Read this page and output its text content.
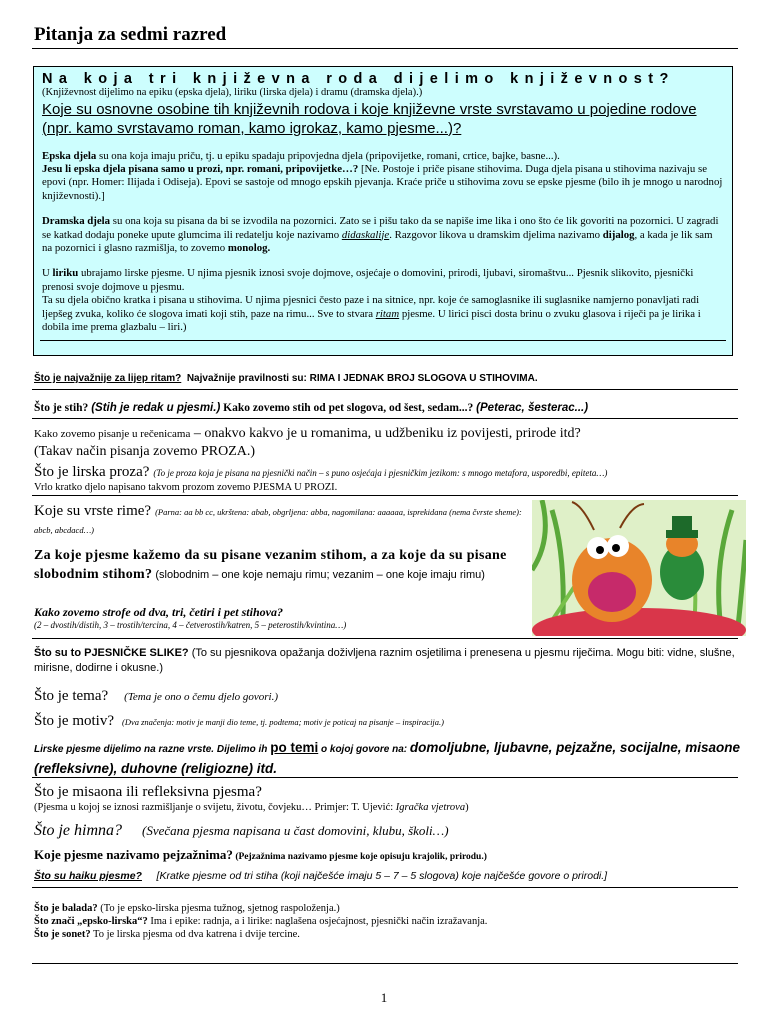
Pitanja za sedmi razred
Na koja tri književna roda dijelimo književnost?
(Književnost dijelimo na epiku (epska djela), liriku (lirska djela) i dramu (dramska djela).)
Koje su osnovne osobine tih književnih rodova i koje književne vrste svrstavamo u pojedine rodove (npr. kamo svrstavamo roman, kamo igrokaz, kamo pjesme...)?
Epska djela su ona koja imaju priču, tj. u epiku spadaju pripovjedna djela (pripovijetke, romani, crtice, bajke, basne...).
Jesu li epska djela pisana samo u prozi, npr. romani, pripovijetke…? [Ne. Postoje i priče pisane stihovima. Duga djela pisana u stihovima nazivaju se epovi (npr. Homer: Ilijada i Odiseja). Epovi se sastoje od mnogo epskih pjevanja. Kraće priče u stihovima zovu se epske pjesme (bilo ih je mnogo u narodnoj književnosti).]
Dramska djela su ona koja su pisana da bi se izvodila na pozornici. Zato se i pišu tako da se napiše ime lika i ono što će lik govoriti na pozornici. U zagradi se katkad dodaju poneke upute glumcima ili redatelju koje nazivamo didaskalije. Razgovor likova u dramskim djelima nazivamo dijalog, a kada je lik sam na pozornici i glasno razmišlja, to zovemo monolog.
U liriku ubrajamo lirske pjesme. U njima pjesnik iznosi svoje dojmove, osjećaje o domovini, prirodi, ljubavi, siromaštvu... Pjesnik slikovito, pjesnički prenosi svoje dojmove u pjesmu.
Ta su djela obično kratka i pisana u stihovima. U njima pjesnici često paze i na sitnice, npr. koje će samoglasnike ili suglasnike namjerno ponavljati radi ljepšeg zvuka, koliko će slogova imati koji stih, paze na rimu... Sve to stvara ritam pjesme. U lirici pisci dosta brinu o zvuku glasova i riječi pa je lirika i dobila ime prema glazbalu – liri.)
Što je najvažnije za lijep ritam? Najvažnije pravilnosti su: RIMA I JEDNAK BROJ SLOGOVA U STIHOVIMA.
Što je stih? (Stih je redak u pjesmi.) Kako zovemo stih od pet slogova, od šest, sedam...? (Peterac, šesterac...)
Kako zovemo pisanje u rečenicama – onakvo kakvo je u romanima, u udžbeniku iz povijesti, prirode itd?
(Takav način pisanja zovemo PROZA.)
Što je lirska proza? (To je proza koja je pisana na pjesnički način – s puno osjećaja i pjesničkim jezikom: s mnogo metafora, usporedbi, epiteta…)
Vrlo kratko djelo napisano takvom prozom zovemo PJESMA U PROZI.
Koje su vrste rime? (Parna: aa bb cc, ukrštena: abab, obgrljena: abba, nagomilana: aaaaaa, isprekidana (nema čvrste sheme): abcb, abcdacd…)
Za koje pjesme kažemo da su pisane vezanim stihom, a za koje da su pisane slobodnim stihom? (slobodnim – one koje nemaju rimu; vezanim – one koje imaju rimu)
Kako zovemo strofe od dva, tri, četiri i pet stihova?
(2 – dvostih/distih, 3 – trostih/tercina, 4 – četverostih/katren, 5 – peterostih/kvintina…)
Što su to PJESNIČKE SLIKE? (To su pjesnikova opažanja doživljena raznim osjetilima i prenesena u pjesmu riječima. Mogu biti: vidne, slušne, mirisne, dodirne i okusne.)
Što je tema? (Tema je ono o čemu djelo govori.)
Što je motiv? (Dva značenja: motiv je manji dio teme, tj. podtema; motiv je poticaj na pisanje – inspiracija.)
Lirske pjesme dijelimo na razne vrste. Dijelimo ih po temi o kojoj govore na: domoljubne, ljubavne, pejzažne, socijalne, misaone (refleksivne), duhovne (religiozne) itd.
Što je misaona ili refleksivna pjesma?
(Pjesma u kojoj se iznosi razmišljanje o svijetu, životu, čovjeku… Primjer: T. Ujević: Igračka vjetrova)
Što je himna? (Svečana pjesma napisana u čast domovini, klubu, školi…)
Koje pjesme nazivamo pejzažnima? (Pejzažnima nazivamo pjesme koje opisuju krajolik, prirodu.)
Što su haiku pjesme? [Kratke pjesme od tri stiha (koji najčešće imaju 5 – 7 – 5 slogova) koje najčešće govore o prirodi.]
Što je balada? (To je epsko-lirska pjesma tužnog, sjetnog raspoloženja.)
Što znači „epsko-lirska“? Ima i epike: radnja, a i lirike: naglašena osjećajnost, pjesnički način izražavanja.
Što je sonet? To je lirska pjesma od dva katrena i dvije tercine.
1
